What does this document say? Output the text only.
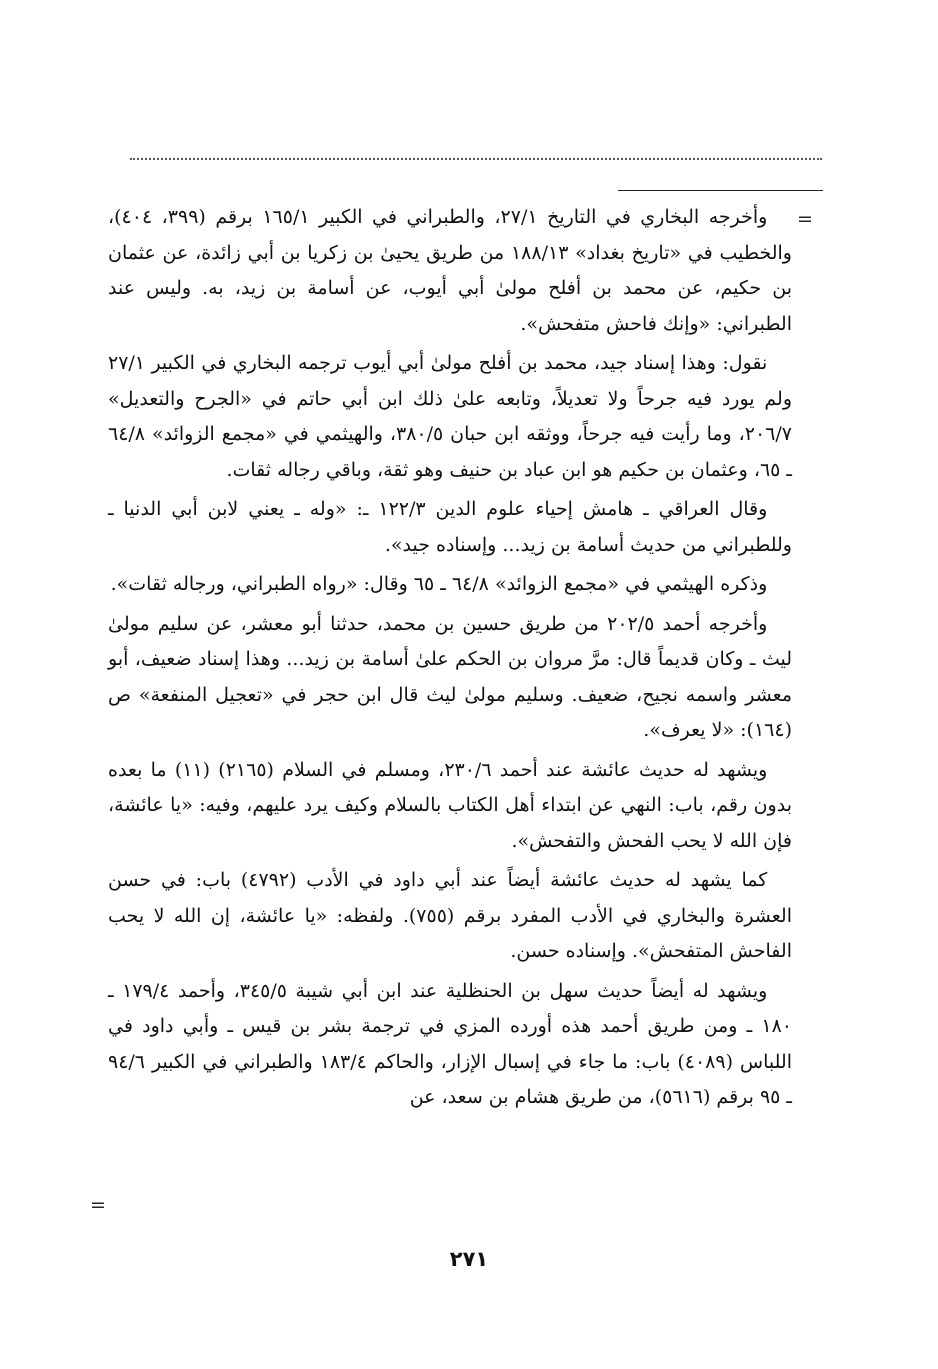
=

وأخرجه البخاري في التاريخ ٢٧/١، والطبراني في الكبير ١٦٥/١ برقم (٣٩٩، ٤٠٤)، والخطيب في «تاريخ بغداد» ١٨٨/١٣ من طريق يحيىٰ بن زكريا بن أبي زائدة، عن عثمان بن حكيم، عن محمد بن أفلح مولىٰ أبي أيوب، عن أسامة بن زيد، به. وليس عند الطبراني: «وإنك فاحش متفحش».

نقول: وهذا إسناد جيد، محمد بن أفلح مولىٰ أبي أيوب ترجمه البخاري في الكبير ٢٧/١ ولم يورد فيه جرحاً ولا تعديلاً، وتابعه علىٰ ذلك ابن أبي حاتم في «الجرح والتعديل» ٢٠٦/٧، وما رأيت فيه جرحاً، ووثقه ابن حبان ٣٨٠/٥، والهيثمي في «مجمع الزوائد» ٦٤/٨ ـ ٦٥، وعثمان بن حكيم هو ابن عباد بن حنيف وهو ثقة، وباقي رجاله ثقات.

وقال العراقي ـ هامش إحياء علوم الدين ١٢٢/٣ ـ: «وله ـ يعني لابن أبي الدنيا ـ وللطبراني من حديث أسامة بن زيد... وإسناده جيد».

وذكره الهيثمي في «مجمع الزوائد» ٦٤/٨ ـ ٦٥ وقال: «رواه الطبراني، ورجاله ثقات».

وأخرجه أحمد ٢٠٢/٥ من طريق حسين بن محمد، حدثنا أبو معشر، عن سليم مولىٰ ليث ـ وكان قديماً قال: مرَّ مروان بن الحكم علىٰ أسامة بن زيد... وهذا إسناد ضعيف، أبو معشر واسمه نجيح، ضعيف. وسليم مولىٰ ليث قال ابن حجر في «تعجيل المنفعة» ص (١٦٤): «لا يعرف».

ويشهد له حديث عائشة عند أحمد ٢٣٠/٦، ومسلم في السلام (٢١٦٥) (١١) ما بعده بدون رقم، باب: النهي عن ابتداء أهل الكتاب بالسلام وكيف يرد عليهم، وفيه: «يا عائشة، فإن الله لا يحب الفحش والتفحش».

كما يشهد له حديث عائشة أيضاً عند أبي داود في الأدب (٤٧٩٢) باب: في حسن العشرة والبخاري في الأدب المفرد برقم (٧٥٥). ولفظه: «يا عائشة، إن الله لا يحب الفاحش المتفحش». وإسناده حسن.

ويشهد له أيضاً حديث سهل بن الحنظلية عند ابن أبي شيبة ٣٤٥/٥، وأحمد ١٧٩/٤ ـ ١٨٠ ـ ومن طريق أحمد هذه أورده المزي في ترجمة بشر بن قيس ـ وأبي داود في اللباس (٤٠٨٩) باب: ما جاء في إسبال الإزار، والحاكم ١٨٣/٤ والطبراني في الكبير ٩٤/٦ ـ ٩٥ برقم (٥٦١٦)، من طريق هشام بن سعد، عن

=
٢٧١
